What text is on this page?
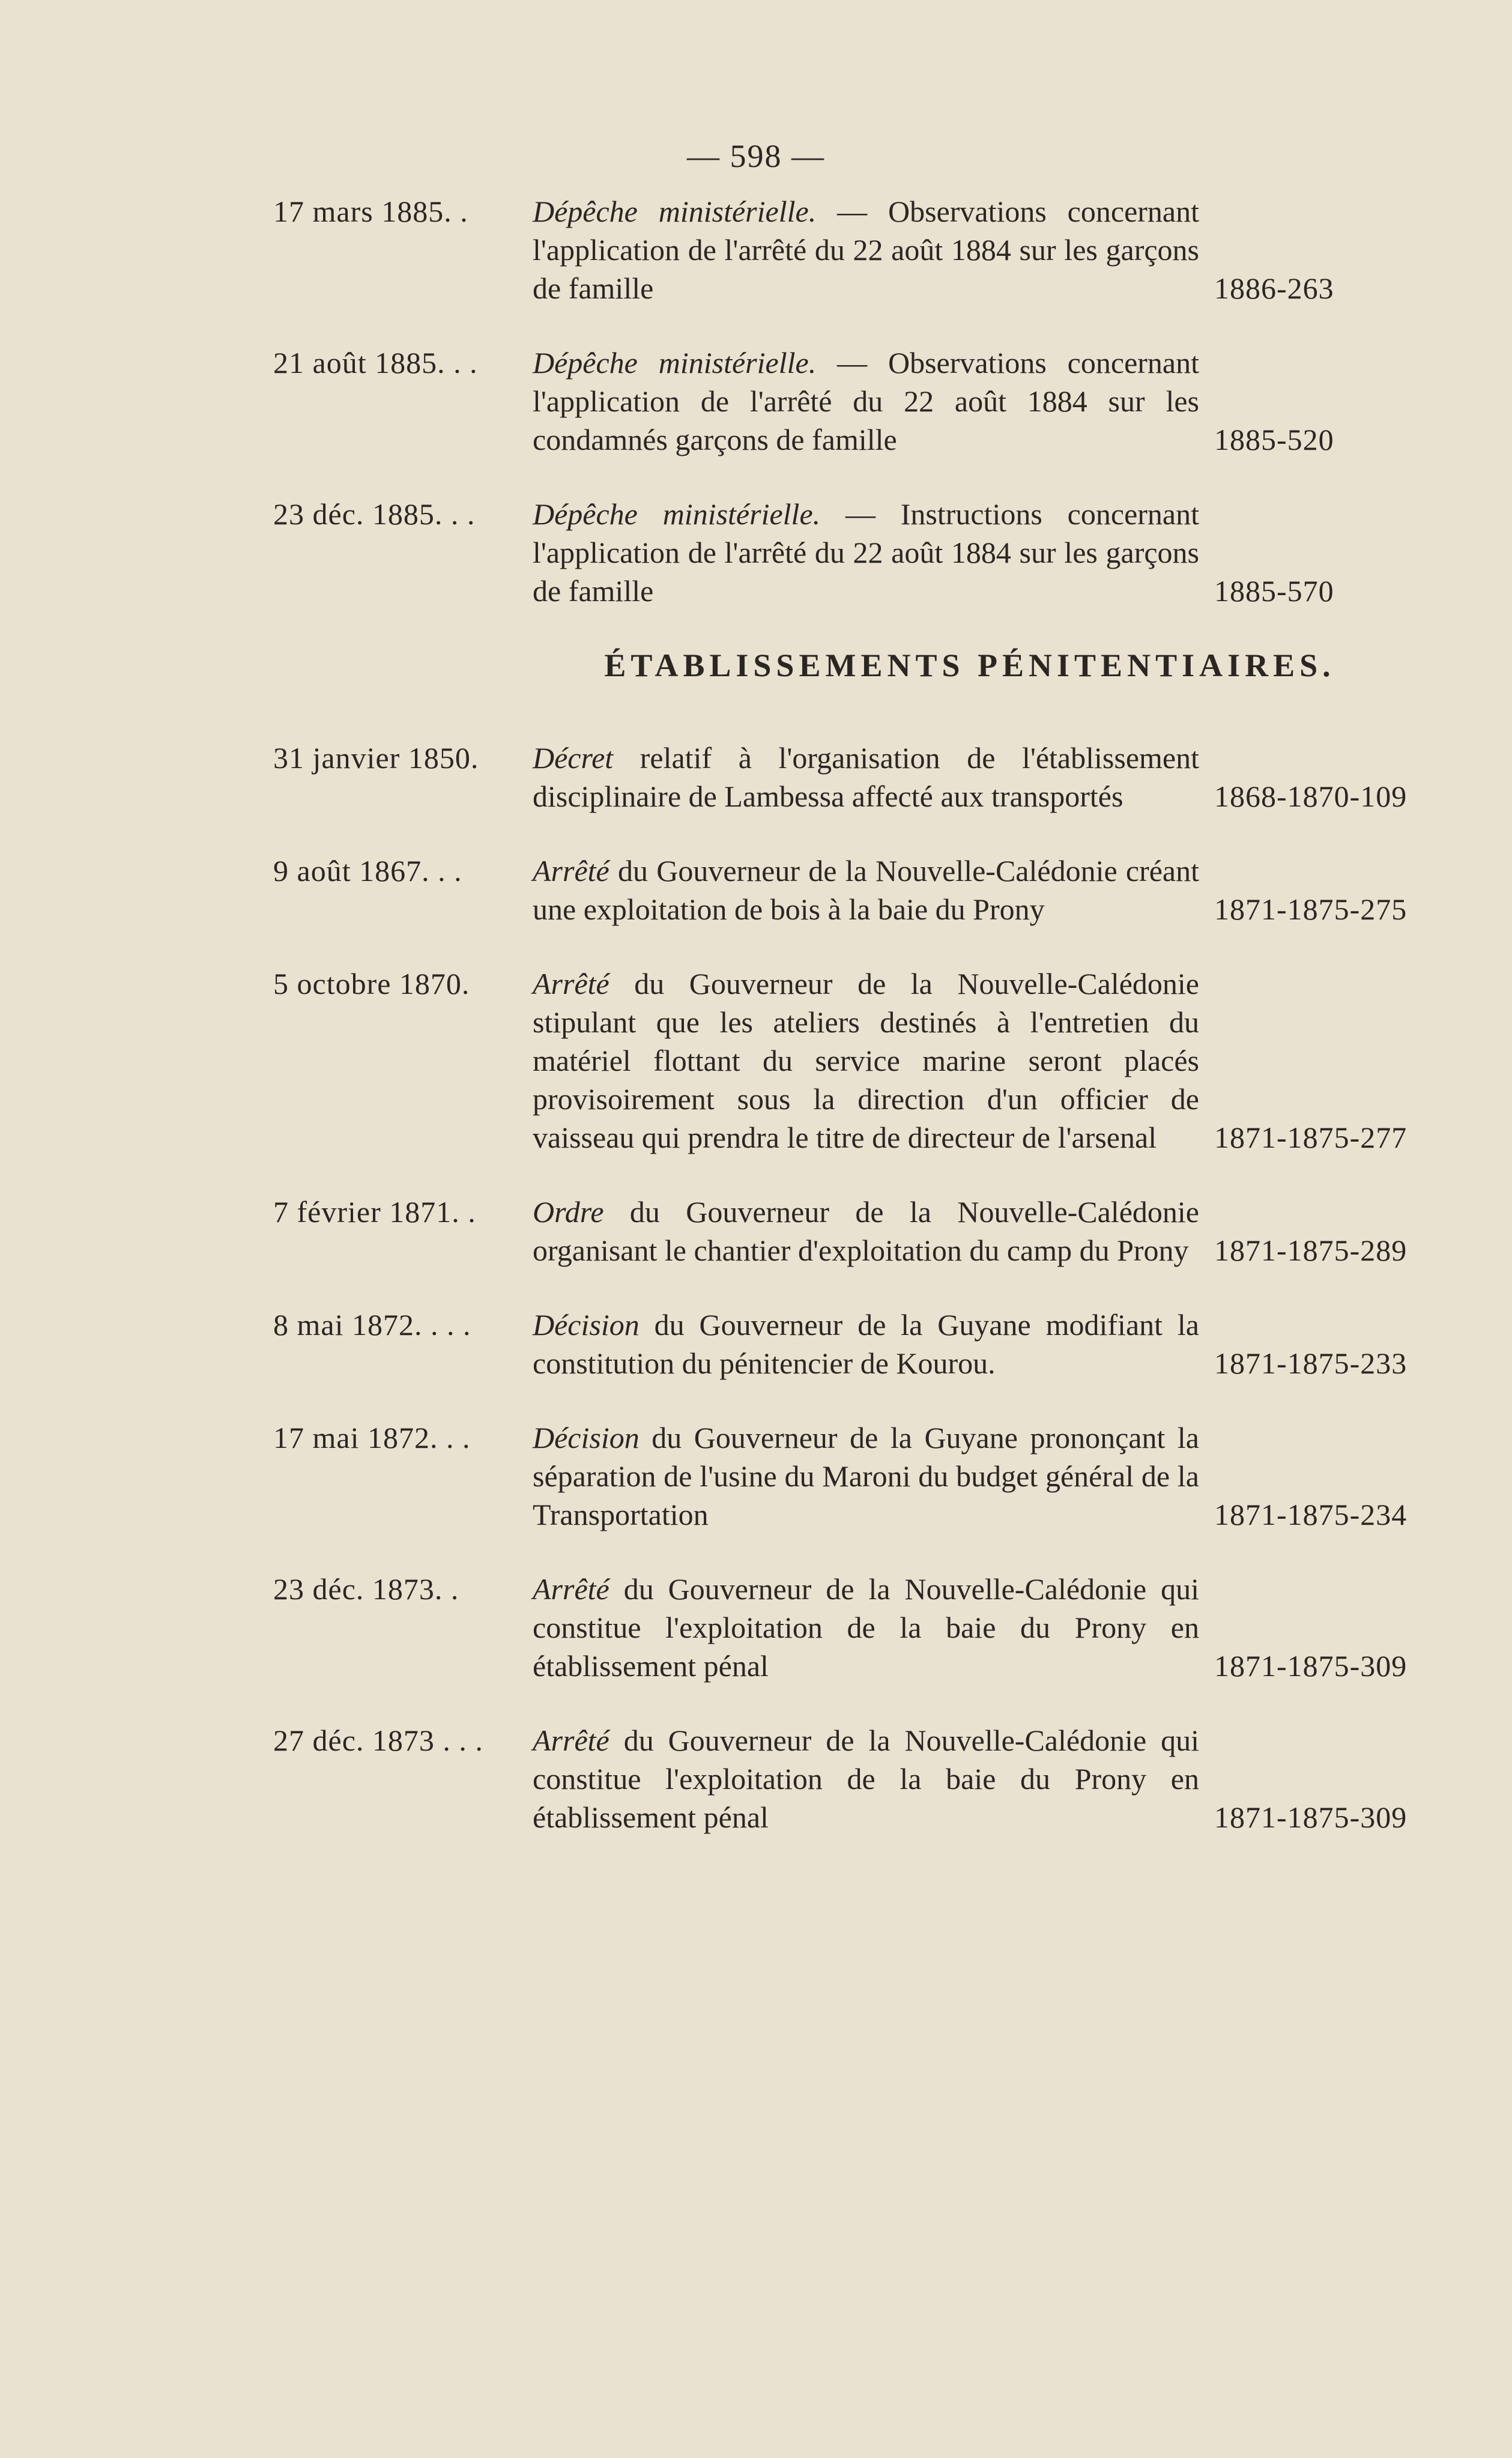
— 598 —
17 mars 1885. .	Dépêche ministérielle. — Observations concernant l'application de l'arrêté du 22 août 1884 sur les garçons de famille	1886-263
21 août 1885. . .	Dépêche ministérielle. — Observations concernant l'application de l'arrêté du 22 août 1884 sur les condamnés garçons de famille	1885-520
23 déc. 1885. . .	Dépêche ministérielle. — Instructions concernant l'application de l'arrêté du 22 août 1884 sur les garçons de famille	1885-570
ÉTABLISSEMENTS PÉNITENTIAIRES.
31 janvier 1850.	Décret relatif à l'organisation de l'établissement disciplinaire de Lambessa affecté aux transportés	1868-1870-109
9 août 1867. . .	Arrêté du Gouverneur de la Nouvelle-Calédonie créant une exploitation de bois à la baie du Prony	1871-1875-275
5 octobre 1870.	Arrêté du Gouverneur de la Nouvelle-Calédonie stipulant que les ateliers destinés à l'entretien du matériel flottant du service marine seront placés provisoirement sous la direction d'un officier de vaisseau qui prendra le titre de directeur de l'arsenal	1871-1875-277
7 février 1871. .	Ordre du Gouverneur de la Nouvelle-Calédonie organisant le chantier d'exploitation du camp du Prony 1871-1875-289
8 mai 1872. . . .	Décision du Gouverneur de la Guyane modifiant la constitution du pénitencier de Kourou.	1871-1875-233
17 mai 1872. . .	Décision du Gouverneur de la Guyane prononçant la séparation de l'usine du Maroni du budget général de la Transportation	1871-1875-234
23 déc. 1873. .	Arrêté du Gouverneur de la Nouvelle-Calédonie qui constitue l'exploitation de la baie du Prony en établissement pénal	1871-1875-309
27 déc. 1873 . . .	Arrêté du Gouverneur de la Nouvelle-Calédonie qui constitue l'exploitation de la baie du Prony en établissement pénal	1871-1875-309
